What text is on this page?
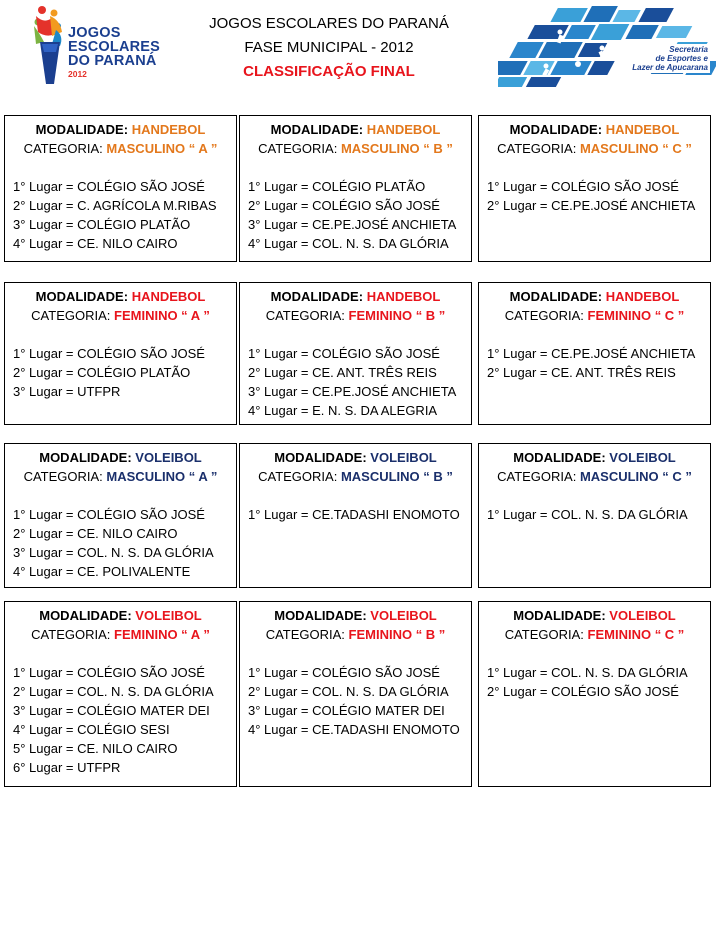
JOGOS
ESCOLARES
DO PARANÁ
2012
JOGOS ESCOLARES DO PARANÁ
FASE MUNICIPAL - 2012
CLASSIFICAÇÃO FINAL
Secretaria
de Esportes e
Lazer de Apucarana
MODALIDADE: HANDEBOL
CATEGORIA: MASCULINO “ A ”
1° Lugar = COLÉGIO SÃO JOSÉ
2° Lugar = C. AGRÍCOLA M.RIBAS
3° Lugar = COLÉGIO PLATÃO
4° Lugar = CE. NILO CAIRO
MODALIDADE: HANDEBOL
CATEGORIA: MASCULINO “ B ”
1° Lugar = COLÉGIO PLATÃO
2° Lugar = COLÉGIO SÃO JOSÉ
3° Lugar = CE.PE.JOSÉ ANCHIETA
4° Lugar = COL. N. S. DA GLÓRIA
MODALIDADE: HANDEBOL
CATEGORIA: MASCULINO “ C ”
1° Lugar = COLÉGIO SÃO JOSÉ
2° Lugar = CE.PE.JOSÉ ANCHIETA
MODALIDADE: HANDEBOL
CATEGORIA: FEMININO “ A ”
1° Lugar = COLÉGIO SÃO JOSÉ
2° Lugar = COLÉGIO PLATÃO
3° Lugar = UTFPR
MODALIDADE: HANDEBOL
CATEGORIA: FEMININO “ B ”
1° Lugar = COLÉGIO SÃO JOSÉ
2° Lugar = CE. ANT. TRÊS REIS
3° Lugar = CE.PE.JOSÉ ANCHIETA
4° Lugar = E. N. S. DA ALEGRIA
MODALIDADE: HANDEBOL
CATEGORIA: FEMININO “ C ”
1° Lugar = CE.PE.JOSÉ ANCHIETA
2° Lugar = CE. ANT. TRÊS REIS
MODALIDADE: VOLEIBOL
CATEGORIA: MASCULINO “ A ”
1° Lugar = COLÉGIO SÃO JOSÉ
2° Lugar = CE. NILO CAIRO
3° Lugar = COL. N. S. DA GLÓRIA
4° Lugar = CE. POLIVALENTE
MODALIDADE: VOLEIBOL
CATEGORIA: MASCULINO “ B ”
1° Lugar = CE.TADASHI ENOMOTO
MODALIDADE: VOLEIBOL
CATEGORIA: MASCULINO “ C ”
1° Lugar = COL. N. S. DA GLÓRIA
MODALIDADE: VOLEIBOL
CATEGORIA: FEMININO “ A ”
1° Lugar = COLÉGIO SÃO JOSÉ
2° Lugar = COL. N. S. DA GLÓRIA
3° Lugar = COLÉGIO MATER DEI
4° Lugar = COLÉGIO SESI
5° Lugar = CE. NILO CAIRO
6° Lugar = UTFPR
MODALIDADE: VOLEIBOL
CATEGORIA: FEMININO “ B ”
1° Lugar = COLÉGIO SÃO JOSÉ
2° Lugar = COL. N. S. DA GLÓRIA
3° Lugar = COLÉGIO MATER DEI
4° Lugar = CE.TADASHI ENOMOTO
MODALIDADE: VOLEIBOL
CATEGORIA: FEMININO “ C ”
1° Lugar = COL. N. S. DA GLÓRIA
2° Lugar = COLÉGIO SÃO JOSÉ
